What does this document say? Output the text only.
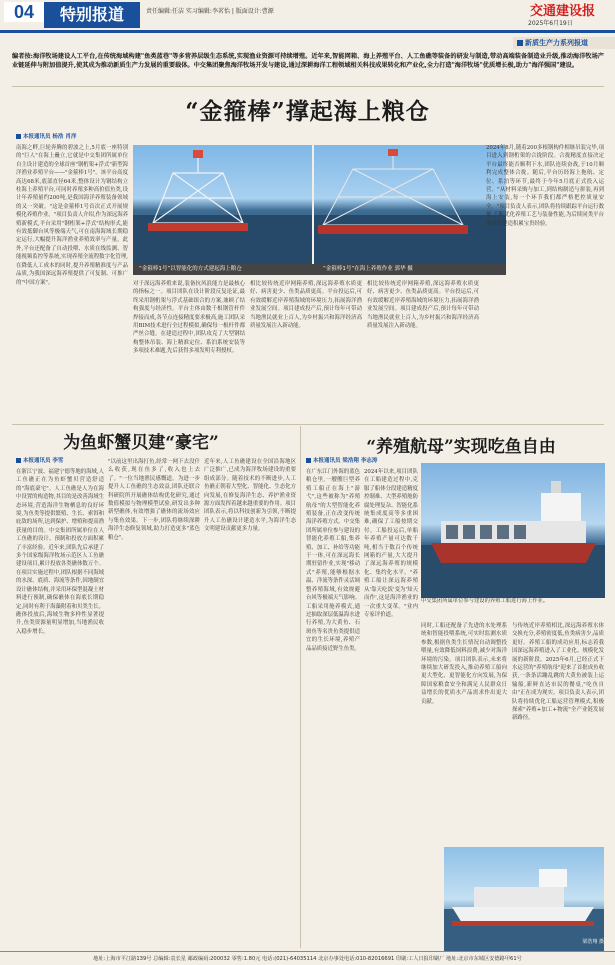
04	特别报道	责任编辑:任洁 实习编辑:李茗怡 | 版面设计:曹源	交通建设报
2025年6月19日
新质生产力系列报道
编者按:海洋牧场建设人工平台,在传统海域构建"鱼类蓝巷"等多营养层级生态系统,实现渔业资源可持续增殖。近年来,智能网箱、海上养殖平台、人工鱼礁等装备的研发与制造,带动高端装备制造业升级,推动海洋牧场产业链延伸与附加值提升,使其成为推动新质生产力发展的重要载体。中交集团聚焦海洋牧场开发与建设,通过深耕海洋工程领域相关科技成果转化和产业化,全力打造"海洋牧场"优质增长极,助力"海洋强国"建设。
“金箍棒”撑起海上粮仓
本报通讯员 杨浩 肖洋
南海之畔,巨轮奔腾的碧波之上,5月底一座特别的"巨人"在海上矗立,它就是中交集团所属单位自主设计建造的全球首座"钢桁架+浮式"新型海洋渔业养殖平台——"金箍棒1号"。该平台高度高达68米,底部直径64米,整体设计为钢结构立柱海上养殖平台,可同时养殖多种高价值鱼类,设计年养殖量约200吨,是我国海洋养殖装备领域的又一突破。"这是金箍棒1号首次正式开展规模化养殖作业。"项目负责人介绍,作为深远海养殖新模式,平台采用"钢桁架+浮式"结构形式,能有效抵御台风等极端天气,可在南海海域长期稳定运行,大幅提升海洋渔业养殖效率与产量。此外,平台还配备了自动投喂、水质在线监测、智能视频监控等系统,实现养殖全流程数字化管理,在降低人工成本的同时,提升养殖精准度与产品品质,为我国深远海养殖提供了可复制、可推广的"中国方案"。
“金箍棒1号”以智能化的方式建起海上粮仓	“金箍棒1号”在海上养殖作业 郭华 摄
对于深远海养殖来说,装备抗风浪能力是最核心的指标之一。项目团队在设计阶段反复论证,最终采用钢桁架与浮式基础组合的方案,兼顾了结构强度与经济性。平台主体由数千根钢管杆件焊接而成,各节点连接精度要求极高,施工团队采用BIM技术进行全过程模拟,确保每一根杆件都严丝合缝。在建造过程中,团队攻克了大型钢结构整体吊装、海上精准定位、系泊系统安装等多项技术难题,先后获得多项发明专利授权。
相比较传统近岸网箱养殖,深远海养殖水质更好、病害更少、鱼类品质更高。平台投运后,可有效缓解近岸养殖海域的环境压力,拓展海洋渔业发展空间。项目建成投产后,预计每年可带动当地渔民就业上百人,为乡村振兴和海洋经济高质量发展注入新动能。
相比较传统近岸网箱养殖,深远海养殖水质更好、病害更少、鱼类品质更高。平台投运后,可有效缓解近岸养殖海域的环境压力,拓展海洋渔业发展空间。项目建成投产后,预计每年可带动当地渔民就业上百人,为乡村振兴和海洋经济高质量发展注入新动能。
2024年8月,随着200多根钢构件相继吊装完毕,项目进入到钢桁架的合拢阶段。合拢精度直接决定平台最终能否顺利下水,团队连续奋战,于10月顺利完成整体合拢。随后,平台历经海上拖航、定位、系泊等环节,最终于今年5月底正式投入运营。"从材料采购与加工,到结构制造与拼装,再到海上安装,每一个环节我们都严格把控质量安全。"项目负责人表示,团队将持续跟踪平台运行数据,不断优化养殖工艺与装备性能,为后续同类平台的研发建造积累宝贵经验。
为鱼虾蟹贝建“豪宅”
本报通讯员 李雪
在浙江宁波、福建宁德等地的海域,人工鱼礁正在为鱼虾蟹贝营造舒适的"海底豪宅"。人工鱼礁是人为在海中设置的构造物,其目的是改善海域生态环境,营造海洋生物栖息的良好环境,为鱼类等提供繁殖、生长、索饵和庇敌的场所,达到保护、增殖和提高渔获量的目的。中交集团所属单位在人工鱼礁的设计、预制和投放方面积累了丰富经验。近年来,团队先后承建了多个国家级海洋牧场示范区人工鱼礁建设项目,累计投放各类礁体数万个。在项目实施过程中,团队根据不同海域的水深、底质、海流等条件,因地制宜设计礁体结构,并采用环保型混凝土材料进行预制,确保礁体在海底长期稳定,同时有利于海藻附着和贝类生长。礁体投放后,海域生物多样性显著提升,鱼类资源量明显增加,当地渔民收入稳步增长。
"以前这里出海打鱼,经常一网下去没什么收获,现在鱼多了,收入也上去了。"一位当地渔民感慨道。为进一步提升人工鱼礁的生态效益,团队还联合科研院所开展礁体结构优化研究,通过数值模拟与物理模型试验,研发出多种新型礁体,有效增强了礁体的流场效应与集鱼效果。下一步,团队将继续深耕海洋生态修复领域,助力打造更多"蓝色粮仓"。
近年来,人工鱼礁建设在全国沿海地区广泛推广,已成为海洋牧场建设的重要组成部分。随着技术的不断进步,人工鱼礁正朝着大型化、智能化、生态化方向发展,在修复海洋生态、养护渔业资源方面发挥着越来越重要的作用。项目团队表示,将以科技创新为引领,不断提升人工鱼礁设计建造水平,为海洋生态文明建设贡献更多力量。
“养殖航母”实现吃鱼自由
本报通讯员 梁浩翔 李志涛
在广东江门外海的蓝色粮仓里,一艘艘巨型养殖工船正在海上"游弋",这些被称为"养殖航母"的大型智能化养殖装备,正在改变传统海洋养殖方式。中交集团所属单位参与建设的智能化养殖工船,集养殖、加工、补给等功能于一体,可在深远海长期驻留作业,实现"移动式"养殖,能够根据水温、洋流等条件灵活调整养殖海域,有效规避台风等极端天气影响。工船采用舱养模式,通过抽取深层低温海水进行养殖,为大黄鱼、石斑鱼等名贵鱼类提供适宜的生长环境,养殖产品品质接近野生鱼类。
2024年以来,项目团队在工船建造过程中,克服了船体分段建造精度控制难、大型养殖舱防腐处理复杂、智能化系统集成度高等多重困难,确保了工船按期交付。工船投运后,单船年养殖产量可达数千吨,相当于数百个传统网箱的产量,大大提升了深远海养殖的规模化、集约化水平。"养殖工船让深远海养殖从'靠天吃饭'变为'知天而作',这是海洋渔业的一次重大变革。"业内专家评价道。
中交集团所属单位参与建设的养殖工船进行海上作业。
同时,工船还配备了先进的水处理系统和智能投喂系统,可实时监测水质参数,根据鱼类生长情况自动调整投喂量,有效降低饲料浪费,减少对海洋环境的污染。项目团队表示,未来将继续加大研发投入,推动养殖工船向更大型化、更智能化方向发展,为保障国家粮食安全和满足人民群众日益增长的优质水产品需求作出更大贡献。
与传统近岸养殖相比,深远海养殖水体交换充分,养殖密度低,鱼类病害少,品质更好。养殖工船的成功应用,标志着我国深远海养殖进入了工业化、规模化发展的新阶段。2025年6月,已经正式下水运营的"养殖航母"迎来了首批成鱼收获,一条条活蹦乱跳的大黄鱼被装上运输船,新鲜直达市民的餐桌,"吃鱼自由"正在成为现实。项目负责人表示,团队将持续优化工船运营管理模式,积极探索"养殖+加工+物流"全产业链发展新路径。
梁浩翔 摄
地址:上海市平江路139号 总编辑:袁长星 邮政编码:200032 零售:1.80元 电话:(021)-64035114 北京办事处电话:010-82016691 印刷:工人日报印刷厂 地址:北京市东城区安德路甲61号
